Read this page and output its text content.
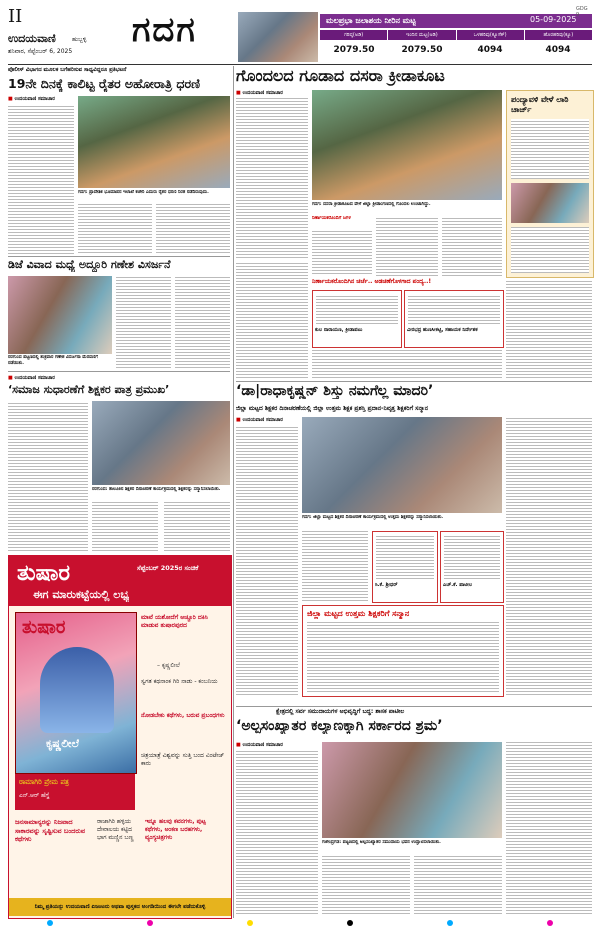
II
ಉದಯವಾಣಿ	ಹುಬ್ಬಳ್ಳಿ
ಶನಿವಾರ, ಸೆಪ್ಟೆಂಬರ್ 6, 2025
ಗದಗ	ಮಲಪ್ರಭಾ ಜಲಾಶಯ ನೀರಿನ ಮಟ್ಟ	05-09-2025
GDG 9
ಗರಿಷ್ಠ(ಅಡಿ)	ಇಂದಿನ ಮಟ್ಟ(ಅಡಿ)	ಒಳಹರಿವು(ಕ್ಯೂಸೆಕ್)	ಹೊರಹರಿವು(ಕ್ಯೂ)
2079.50	2079.50	4094	4094
ಪೊಲೀಸ್ ವಿಭಾಗದ ಮೂಲಕ ಬಗೆಹರಿಸುವ ಸಾಧ್ಯವಿದ್ದರೂ ಪ್ರತಿಭಟನೆ
19ನೇ ದಿನಕ್ಕೆ ಕಾಲಿಟ್ಟ ರೈತರ ಅಹೋರಾತ್ರಿ ಧರಣಿ
■ ಉದಯವಾಣಿ ಸಮಾಚಾರ
ಗದಗ: ಪ್ರಾದೇಶಿಕ ಭೂಮಾಪನ ಇಲಾಖೆ ಕಚೇರಿ ಎದುರು ರೈತರ ಧರಣಿ ನಿರತ ನಡೆದಿರುವುದು.
ಡಿಜೆ ವಿವಾದ ಮಧ್ಯೆ ಅದ್ದೂರಿ ಗಣೇಶ ವಿಸರ್ಜನೆ
ನರಗುಂದ ಪಟ್ಟಣದಲ್ಲಿ ಶುಕ್ರವಾರ ಗಣೇಶ ವಿಸರ್ಜನಾ ಮೆರವಣಿಗೆ ನಡೆಯಿತು.
■ ಉದಯವಾಣಿ ಸಮಾಚಾರ
‘ಸಮಾಜ ಸುಧಾರಣೆಗೆ ಶಿಕ್ಷಕರ ಪಾತ್ರ ಪ್ರಮುಖ’
ನರಗುಂದ: ತಾಲೂಕಿನ ಶಿಕ್ಷಕರ ದಿನಾಚರಣೆ ಕಾರ್ಯಕ್ರಮದಲ್ಲಿ ಶಿಕ್ಷಕರನ್ನು ಸನ್ಮಾನಿಸಲಾಯಿತು.
ತುಷಾರ	ಸೆಪ್ಟೆಂಬರ್ 2025ರ ಸಂಚಿಕೆ
ಈಗ ಮಾರುಕಟ್ಟೆಯಲ್ಲಿ ಲಭ್ಯ
ತುಷಾರ
ಕೃಷ್ಣಲೀಲೆ
ರಾಮಾಗಿರಿ ಪ್ರೇಮ ಪತ್ರ
ಎನ್‌.ಆರ್ ಹೆಗ್ಡೆ
ಮಾವೆ ಯಶೋದೆಗೆ ಅಚ್ಚೂರಿ ದಕಿಸಿ ಮಾಡುವ ತುಷಾರಪುರದ
– ಕೃಷ್ಣಲೀಲೆ
ಸ್ವಗತ ಕಥನಾಂಕ ಗಿರಿ ನಾಡು - ಕಂಬನಿಯ
ನೋಡಬೇಕು ಕಥೆಗಳು, ಬರುವ ಪ್ರಬಂಧಗಳು
ಚಿತ್ರಯಾತ್ರೆ ವಿಶ್ವವನ್ನು ಸುತ್ತಿ ಬಂದ ವಿಂಟೇಜ್ ಕಾರು
ಜನಸಾಮಾನ್ಯರನ್ನು ನಿಜವಾದ ಸಾಕಾರವನ್ನು ಸೃಷ್ಟಿಸುವ ಬಂದರುವ ಕಥೆಗಳು
ರಾಜಾಗಿರಿ ಹಳ್ಳಿಯ ದೇವಾಲಯ ಕಟ್ಟಿದ ಭಾಗ ಮಣ್ಣಿನ ಬಣ್ಣ
ಇನ್ನೂ ಹಲವು ಕವನಗಳು, ಪುಟ್ಟ ಕಥೆಗಳು, ಅಂಕಣ ಬರಹಗಳು, ವ್ಯಂಗ್ಯಚಿತ್ರಗಳು
ನಿಮ್ಮ ಪ್ರತಿಯನ್ನು ಉದಯವಾಣಿ ಏಜಂಟರು ಅಥವಾ ಪುಸ್ತಕದ ಅಂಗಡಿಯಿಂದ ಈಗಲೇ ಪಡೆದುಕೊಳ್ಳಿ
ಗೊಂದಲದ ಗೂಡಾದ ದಸರಾ ಕ್ರೀಡಾಕೂಟ
■ ಉದಯವಾಣಿ ಸಮಾಚಾರ
ಗದಗ: ದಸರಾ ಕ್ರೀಡಾಕೂಟದ ವೇಳೆ ಜಿಲ್ಲಾ ಕ್ರೀಡಾಂಗಣದಲ್ಲಿ ಗೊಂದಲ ಉಂಟಾಗಿದ್ದು.
ನಿರ್ಣಾಯಕರೊಂದಿಗೆ ಜಗಳ
ಪಂದ್ಯಾವಳಿ ವೇಳೆ ಲಾಠಿ ಚಾರ್ಜ್
ನಿರ್ಣಾಯಕರೊಂದಿಗಿನ ಚರ್ಚೆ.. ಅಡಚಣೆಗೊಳಗಾದ ಪಂದ್ಯ..!
ಕುಲ ನಾರಾಯಣ, ಕ್ರೀಡಾಪಟು	ವೀರಭದ್ರ ಹುಣಸೀಕಟ್ಟಿ, ಸಹಾಯಕ ನಿರ್ದೇಶಕ
‘ಡಾ|ರಾಧಾಕೃಷ್ಣನ್ ಶಿಸ್ತು ನಮಗೆಲ್ಲ ಮಾದರಿ’
ಜಿಲ್ಲಾ ಮಟ್ಟದ ಶಿಕ್ಷಕರ ದಿನಾಚರಣೆಯಲ್ಲಿ ಜಿಲ್ಲಾ ಉತ್ತಮ ಶಿಕ್ಷಕ ಪ್ರಶಸ್ತಿ ಪ್ರದಾನ-ನಿವೃತ್ತ ಶಿಕ್ಷಕರಿಗೆ ಸನ್ಮಾನ
■ ಉದಯವಾಣಿ ಸಮಾಚಾರ
ಗದಗ: ಜಿಲ್ಲಾ ಮಟ್ಟದ ಶಿಕ್ಷಕರ ದಿನಾಚರಣೆ ಕಾರ್ಯಕ್ರಮದಲ್ಲಿ ಉತ್ತಮ ಶಿಕ್ಷಕರನ್ನು ಸನ್ಮಾನಿಸಲಾಯಿತು.
ಸಿ.ಕೆ. ಶ್ರೀಧರ್	ಎಚ್.ಕೆ. ಪಾಟೀಲ
ಜಿಲ್ಲಾ ಮಟ್ಟದ ಉತ್ತಮ ಶಿಕ್ಷಕರಿಗೆ ಸನ್ಮಾನ
ಕ್ಷೇತ್ರದಲ್ಲಿ ಸರ್ವ ಸಮುದಾಯಗಳ ಅಭಿವೃದ್ಧಿಗೆ ಬದ್ಧ: ಶಾಸಕ ಪಾಟೀಲ
‘ಅಲ್ಪಸಂಖ್ಯಾತರ ಕಲ್ಯಾಣಕ್ಕಾಗಿ ಸರ್ಕಾರದ ಶ್ರಮ’
■ ಉದಯವಾಣಿ ಸಮಾಚಾರ
ಗಜೇಂದ್ರಗಡ: ಪಟ್ಟಣದಲ್ಲಿ ಅಲ್ಪಸಂಖ್ಯಾತರ ಸಮುದಾಯ ಭವನ ಉದ್ಘಾಟಿಸಲಾಯಿತು.
